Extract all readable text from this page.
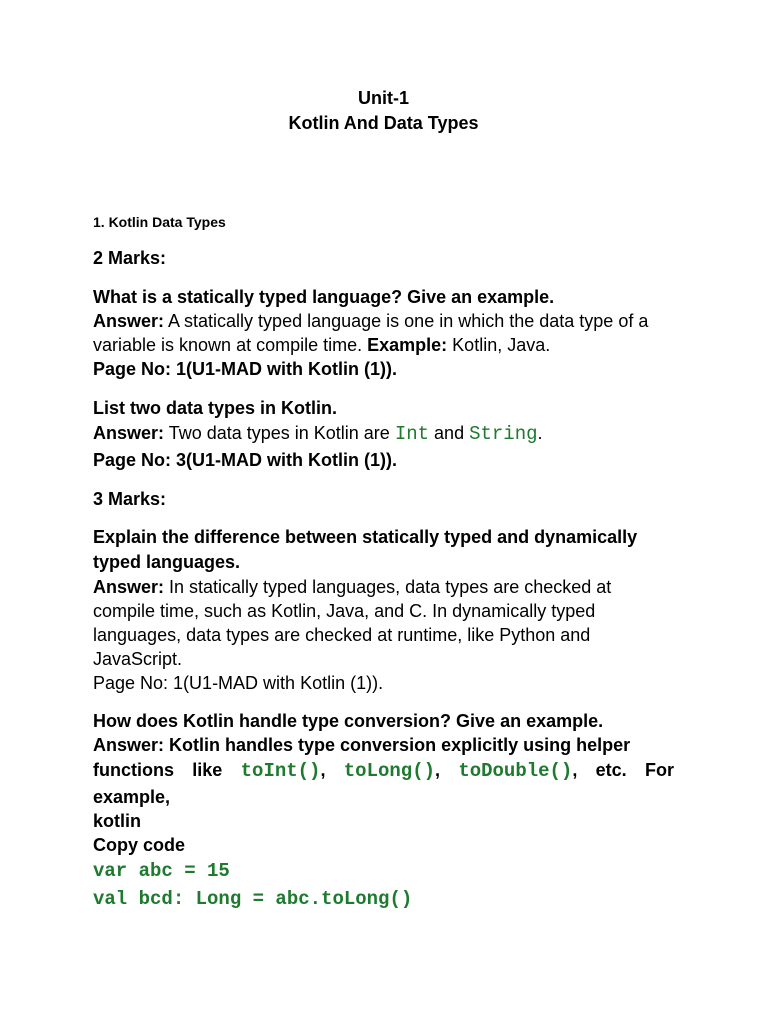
Unit-1

Kotlin And Data Types

1. Kotlin Data Types

2 Marks:

What is a statically typed language? Give an example.

Answer: A statically typed language is one in which the data type of a variable is known at compile time. Example: Kotlin, Java.

Page No: 1(U1-MAD with Kotlin (1)).

List two data types in Kotlin.

Answer: Two data types in Kotlin are Int and String.

Page No: 3(U1-MAD with Kotlin (1)).

3 Marks:

Explain the difference between statically typed and dynamically typed languages.

Answer: In statically typed languages, data types are checked at compile time, such as Kotlin, Java, and C. In dynamically typed languages, data types are checked at runtime, like Python and JavaScript.

Page No: 1(U1-MAD with Kotlin (1)).

How does Kotlin handle type conversion? Give an example.

Answer: Kotlin handles type conversion explicitly using helper

functions like toInt(), toLong(), toDouble(), etc. For

example,

kotlin

Copy code

var abc = 15

val bcd: Long = abc.toLong()
